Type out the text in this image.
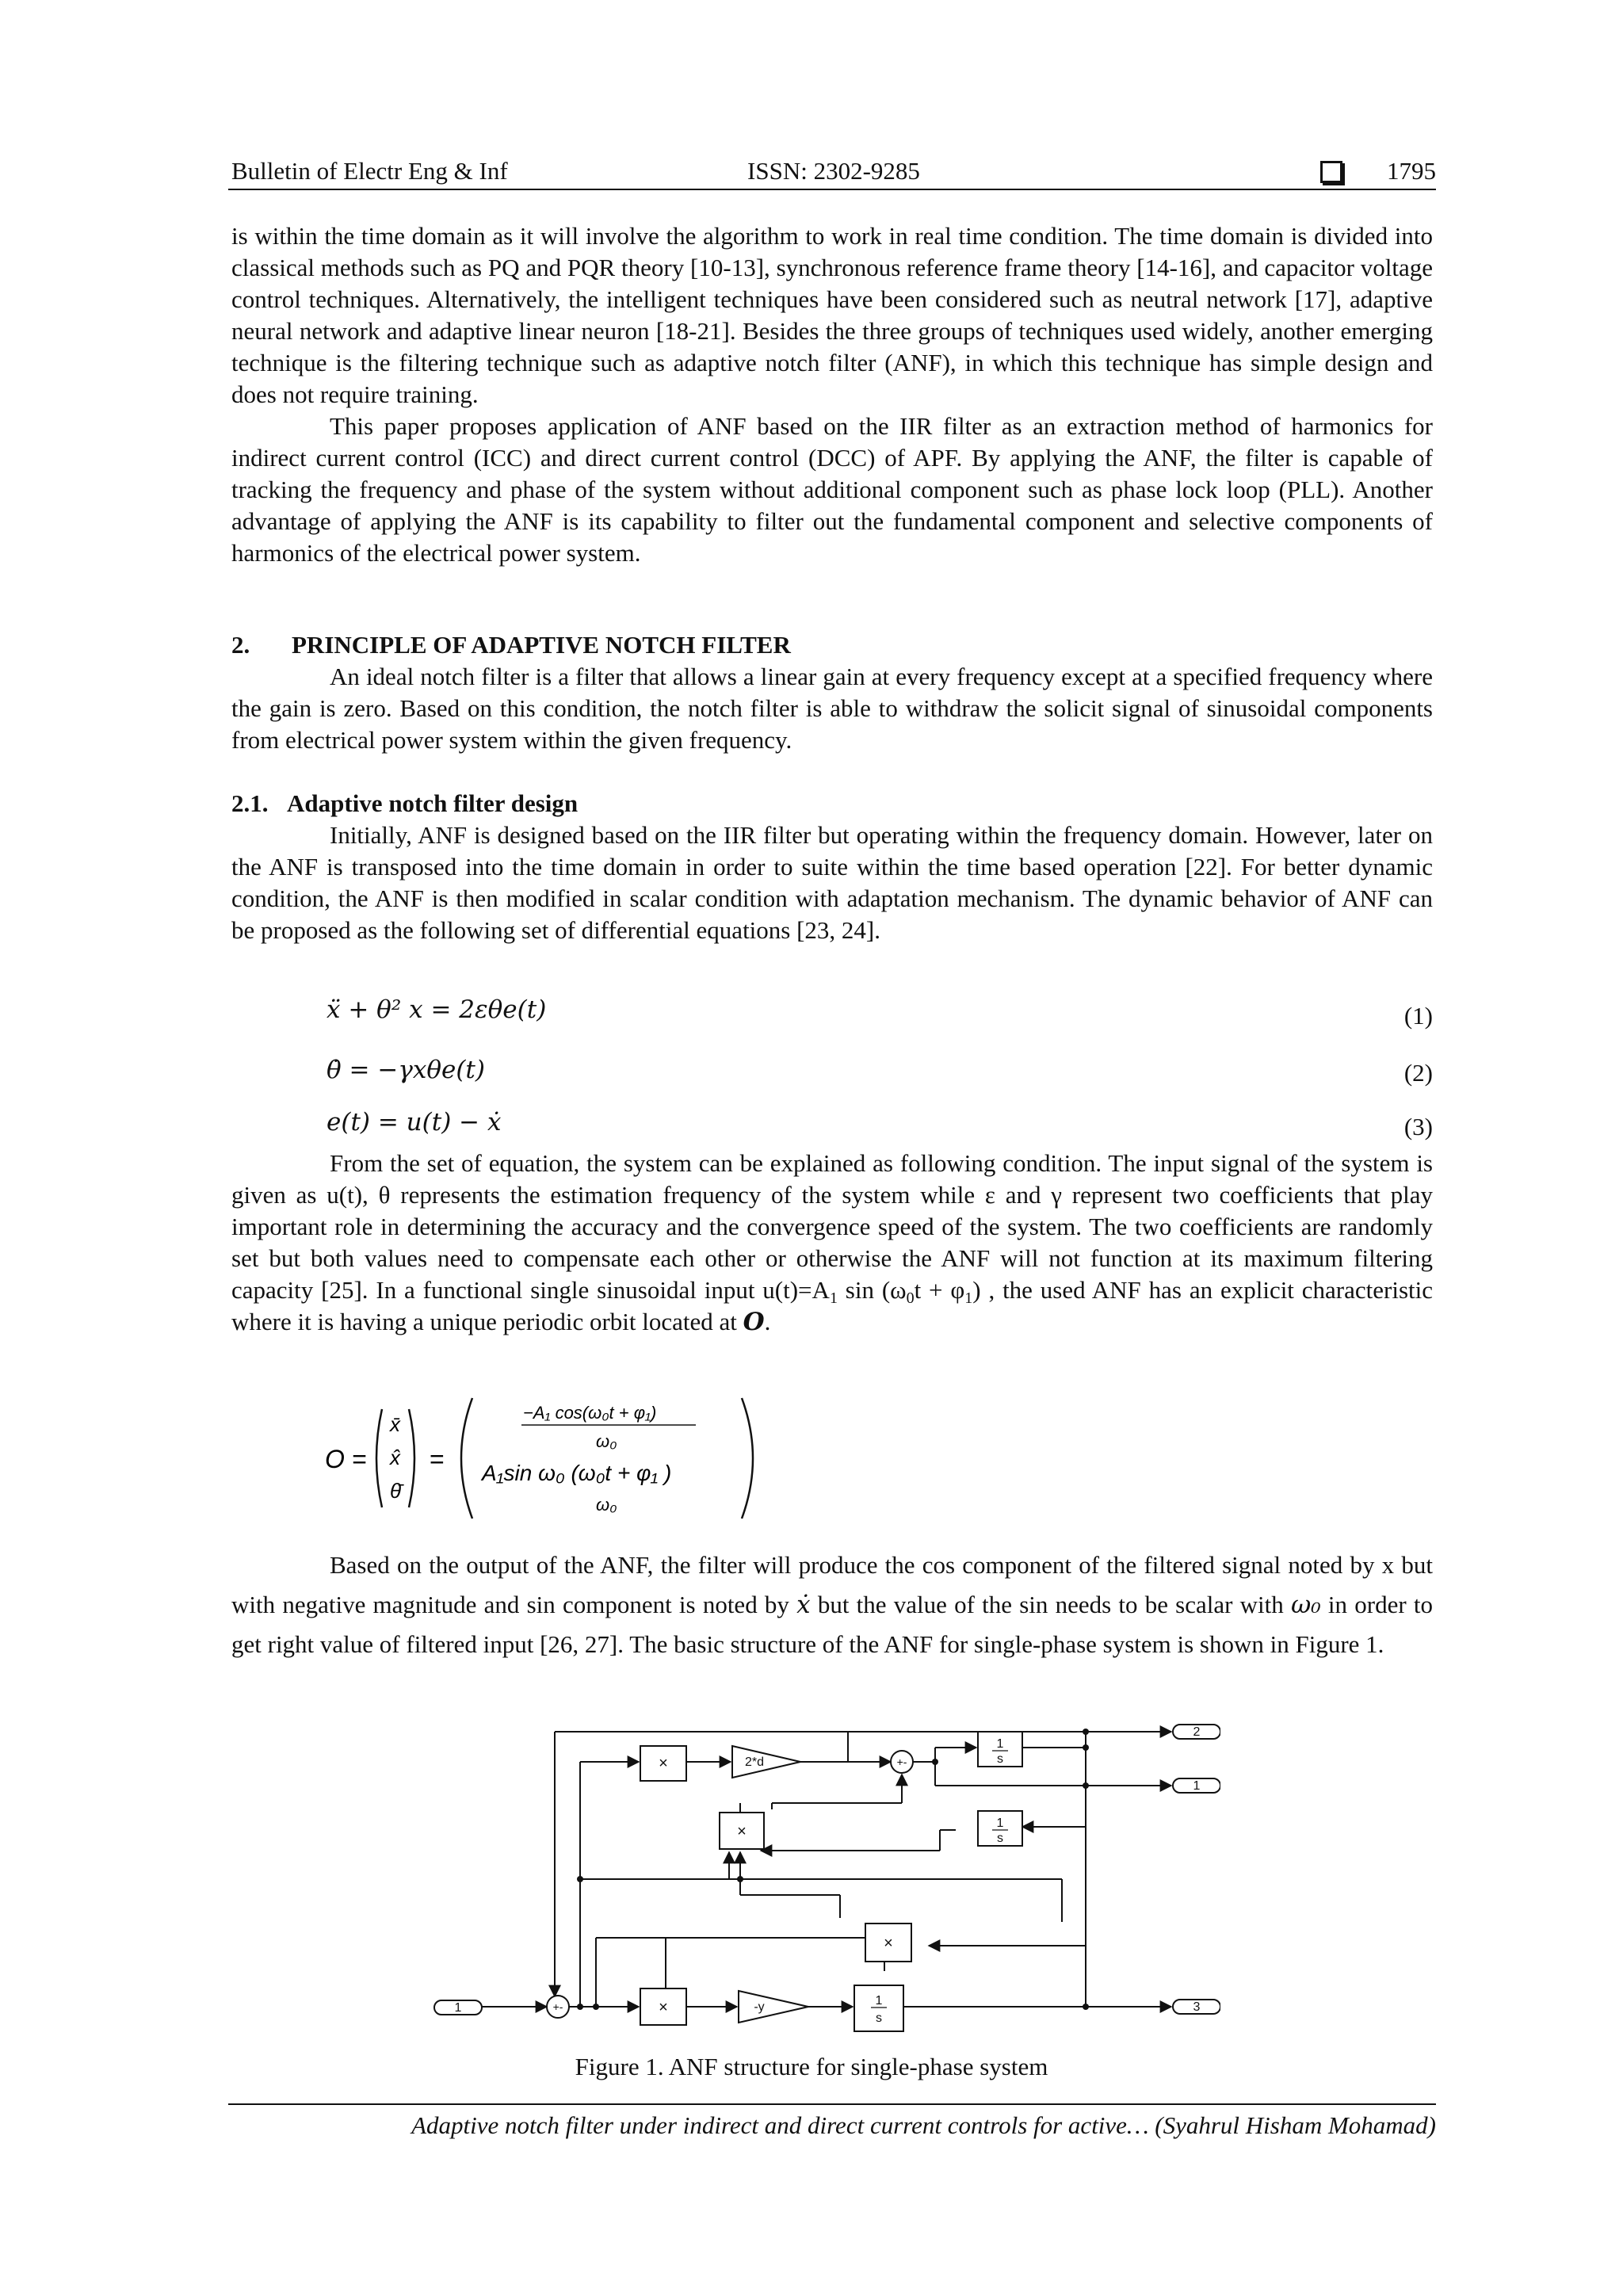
Bulletin of Electr Eng & Inf	ISSN: 2302-9285	1795

is within the time domain as it will involve the algorithm to work in real time condition. The time domain is divided into classical methods such as PQ and PQR theory [10-13], synchronous reference frame theory [14-16], and capacitor voltage control techniques. Alternatively, the intelligent techniques have been considered such as neutral network [17], adaptive neural network and adaptive linear neuron [18-21]. Besides the three groups of techniques used widely, another emerging technique is the filtering technique such as adaptive notch filter (ANF), in which this technique has simple design and does not require training.

This paper proposes application of ANF based on the IIR filter as an extraction method of harmonics for indirect current control (ICC) and direct current control (DCC) of APF. By applying the ANF, the filter is capable of tracking the frequency and phase of the system without additional component such as phase lock loop (PLL). Another advantage of applying the ANF is its capability to filter out the fundamental component and selective components of harmonics of the electrical power system.

2. PRINCIPLE OF ADAPTIVE NOTCH FILTER

An ideal notch filter is a filter that allows a linear gain at every frequency except at a specified frequency where the gain is zero. Based on this condition, the notch filter is able to withdraw the solicit signal of sinusoidal components from electrical power system within the given frequency.

2.1. Adaptive notch filter design

Initially, ANF is designed based on the IIR filter but operating within the frequency domain. However, later on the ANF is transposed into the time domain in order to suite within the time based operation [22]. For better dynamic condition, the ANF is then modified in scalar condition with adaptation mechanism. The dynamic behavior of ANF can be proposed as the following set of differential equations [23, 24].

ẍ + θ² x = 2εθe(t)	(1)
θ̇ = −γxθe(t)	(2)
e(t) = u(t) − ẋ	(3)

From the set of equation, the system can be explained as following condition. The input signal of the system is given as u(t), θ represents the estimation frequency of the system while ε and γ represent two coefficients that play important role in determining the accuracy and the convergence speed of the system. The two coefficients are randomly set but both values need to compensate each other or otherwise the ANF will not function at its maximum filtering capacity [25]. In a functional single sinusoidal input $u(t)=A_1$ $\sin (\omega_0t + \varphi_1)$ , the used ANF has an explicit characteristic where it is having a unique periodic orbit located at O.

O =
x̄
x̂
θ̄
=
−A₁ cos(ω₀t + φ₁)
ω₀
A₁sin ω₀ (ω₀t + φ₁ )
ω₀

Based on the output of the ANF, the filter will produce the cos component of the filtered signal noted by x but with negative magnitude and sin component is noted by ẋ but the value of the sin needs to be scalar with ω₀ in order to get right value of filtered input [26, 27]. The basic structure of the ANF for single-phase system is shown in Figure 1.

×	2*d	+-
1
s
1
s
×
×
+-	×	-y	1
s
1
2
1
3
Figure 1. ANF structure for single-phase system
Adaptive notch filter under indirect and direct current controls for active… (Syahrul Hisham Mohamad)
